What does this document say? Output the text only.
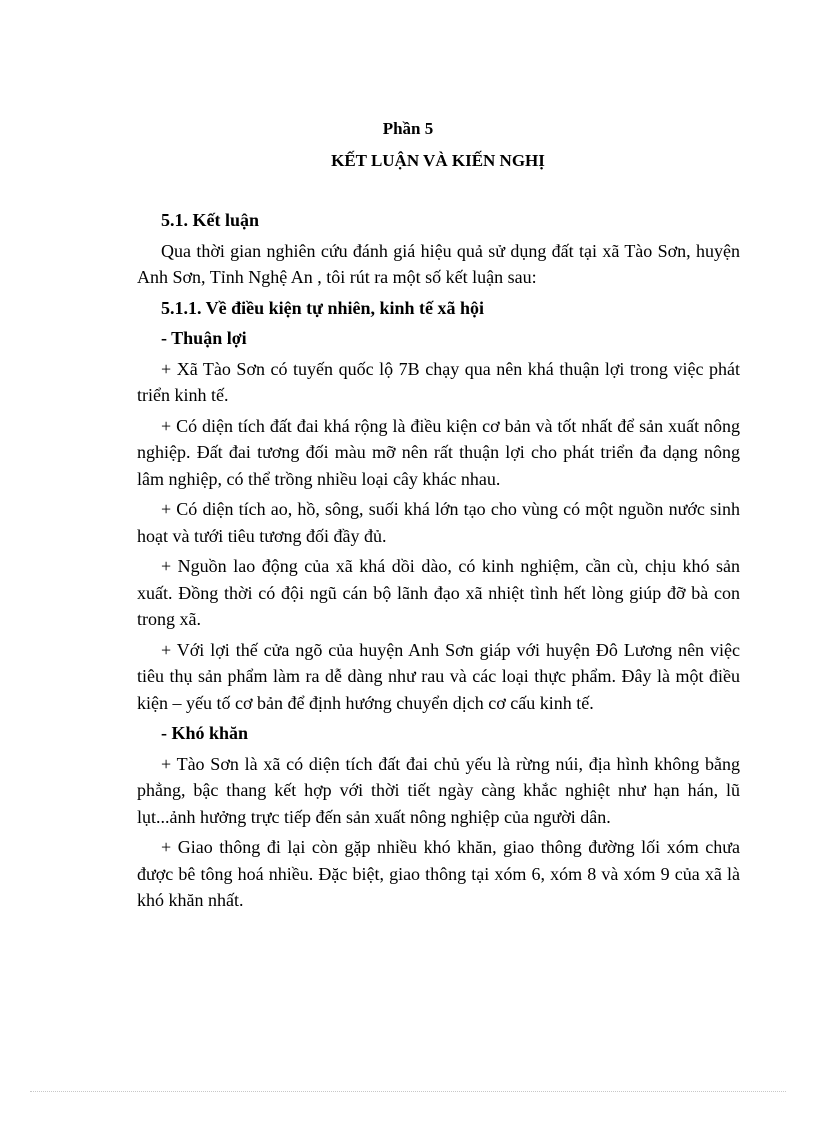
Phần 5
KẾT LUẬN VÀ KIẾN NGHỊ

5.1. Kết luận

Qua thời gian nghiên cứu đánh giá hiệu quả sử dụng đất tại xã Tào Sơn, huyện Anh Sơn, Tỉnh Nghệ An , tôi rút ra một số kết luận sau:

5.1.1. Về điều kiện tự nhiên, kinh tế xã hội

- Thuận lợi

+ Xã Tào Sơn có tuyến quốc lộ 7B chạy qua nên khá thuận lợi trong việc phát triển kinh tế.

+ Có diện tích đất đai khá rộng là điều kiện cơ bản và tốt nhất để sản xuất nông nghiệp. Đất đai tương đối màu mỡ nên rất thuận lợi cho phát triển đa dạng nông lâm nghiệp, có thể trồng nhiều loại cây khác nhau.

+ Có diện tích ao, hồ, sông, suối khá lớn tạo cho vùng có một nguồn nước sinh hoạt và tưới tiêu tương đối đầy đủ.

+ Nguồn lao động của xã khá dồi dào, có kinh nghiệm, cần cù, chịu khó sản xuất. Đồng thời có đội ngũ cán bộ lãnh đạo xã nhiệt tình hết lòng giúp đỡ bà con trong xã.

+ Với lợi thế cửa ngõ của huyện Anh Sơn giáp với huyện Đô Lương nên việc tiêu thụ sản phẩm làm ra dễ dàng như rau và các loại thực phẩm. Đây là một điều kiện – yếu tố cơ bản để định hướng chuyển dịch cơ cấu kinh tế.

- Khó khăn

+ Tào Sơn là xã có diện tích đất đai chủ yếu là rừng núi, địa hình không bằng phẳng, bậc thang kết hợp với thời tiết ngày càng khắc nghiệt như hạn hán, lũ lụt...ảnh hưởng trực tiếp đến sản xuất nông nghiệp của người dân.

+ Giao thông đi lại còn gặp nhiều khó khăn, giao thông đường lối xóm chưa được bê tông hoá nhiều. Đặc biệt, giao thông tại xóm 6, xóm 8 và xóm 9 của xã là khó khăn nhất.
